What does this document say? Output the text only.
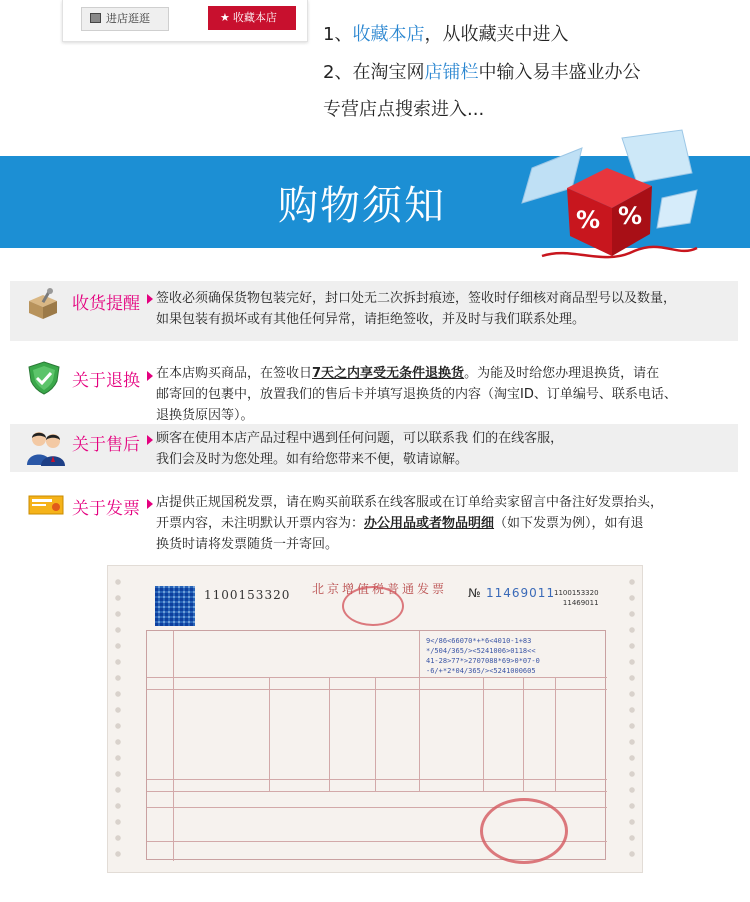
进店逛逛	★ 收藏本店
1、收藏本店，从收藏夹中进入
2、在淘宝网店铺栏中输入易丰盛业办公
专营店点搜索进入...
购物须知	% %
收货提醒 签收必须确保货物包装完好，封口处无二次拆封痕迹，签收时仔细核对商品型号以及数量，
如果包装有损坏或有其他任何异常，请拒绝签收，并及时与我们联系处理。
关于退换 在本店购买商品，在签收日7天之内享受无条件退换货。为能及时给您办理退换货，请在
邮寄回的包裹中，放置我们的售后卡并填写退换货的内容（淘宝ID、订单编号、联系电话、
退换货原因等）。
关于售后 顾客在使用本店产品过程中遇到任何问题，可以联系我 们的在线客服，
我们会及时为您处理。如有给您带来不便，敬请谅解。
关于发票 店提供正规国税发票，请在购买前联系在线客服或在订单给卖家留言中备注好发票抬头，
开票内容，未注明默认开票内容为：办公用品或者物品明细（如下发票为例），如有退
换货时请将发票随货一并寄回。
1100153320 北京增值税普通发票 № 11469011
1100153320
11469011
9</86<66070*+*6<4010-1+83
*/504/365/><5241006>0118<<
41-28>77*>2707088*69>0*07-0
-6/+*2*04/365/><5241000605
